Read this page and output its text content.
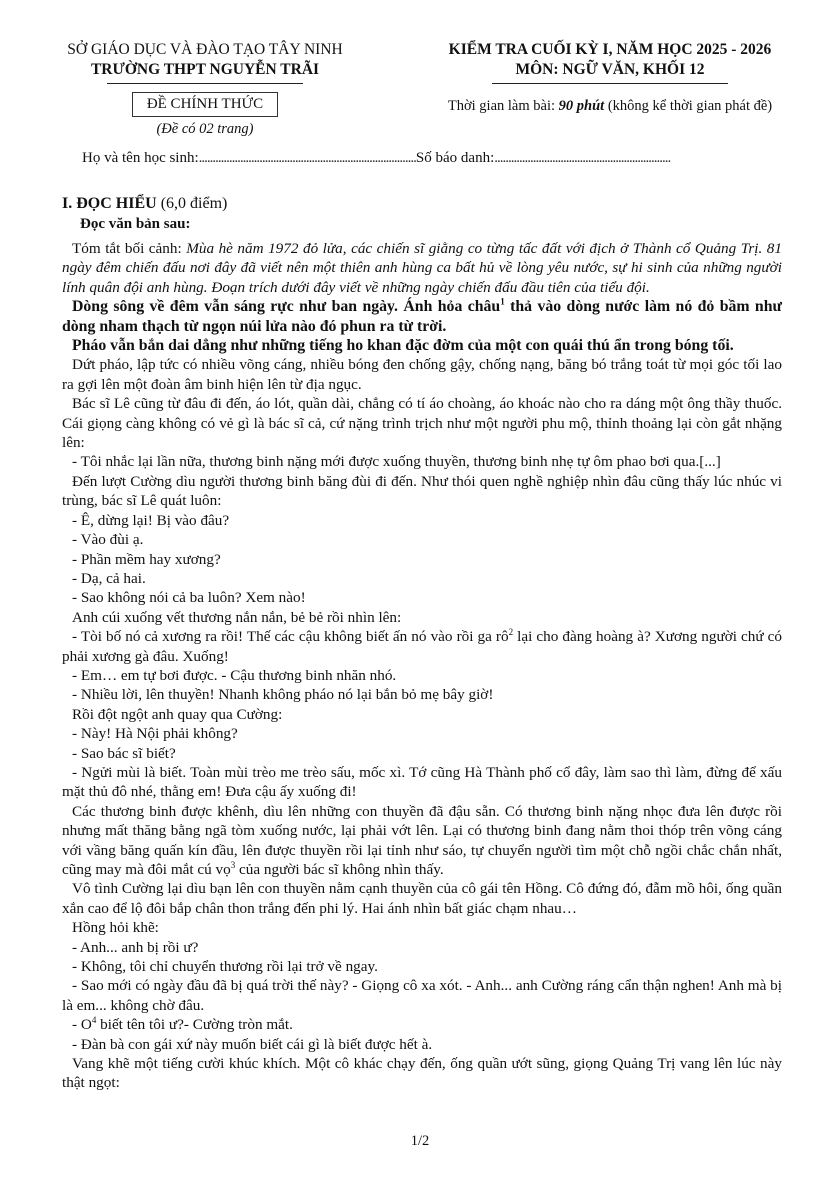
SỞ GIÁO DỤC VÀ ĐÀO TẠO TÂY NINH
TRƯỜNG THPT NGUYỄN TRÃI
ĐỀ CHÍNH THỨC
(Đề có 02 trang)
KIỂM TRA CUỐI KỲ I, NĂM HỌC 2025 - 2026
MÔN: NGỮ VĂN, KHỐI 12
Thời gian làm bài: 90 phút (không kể thời gian phát đề)
Họ và tên học sinh:...............................................................................Số báo danh:................................................................
I. ĐỌC HIỂU (6,0 điểm)
Đọc văn bản sau:

Tóm tắt bối cảnh: Mùa hè năm 1972 đỏ lửa, các chiến sĩ giằng co từng tấc đất với địch ở Thành cổ Quảng Trị. 81 ngày đêm chiến đấu nơi đây đã viết nên một thiên anh hùng ca bất hủ về lòng yêu nước, sự hi sinh của những người lính quân đội anh hùng. Đoạn trích dưới đây viết về những ngày chiến đấu đầu tiên của tiểu đội.

Dòng sông về đêm vẫn sáng rực như ban ngày. Ánh hỏa châu$^1$ thả vào dòng nước làm nó đỏ bầm như dòng nham thạch từ ngọn núi lửa nào đó phun ra từ trời.

Pháo vẫn bắn dai dẳng như những tiếng ho khan đặc đờm của một con quái thú ẩn trong bóng tối.

Dứt pháo, lập tức có nhiều võng cáng, nhiều bóng đen chống gậy, chống nạng, băng bó trắng toát từ mọi góc tối lao ra gợi lên một đoàn âm binh hiện lên từ địa ngục.

Bác sĩ Lê cũng từ đâu đi đến, áo lót, quần dài, chẳng có tí áo choàng, áo khoác nào cho ra dáng một ông thầy thuốc. Cái giọng càng không có vẻ gì là bác sĩ cả, cứ nặng trình trịch như một người phu mộ, thỉnh thoảng lại còn gắt nhặng lên:

- Tôi nhắc lại lần nữa, thương binh nặng mới được xuống thuyền, thương binh nhẹ tự ôm phao bơi qua.[...]

Đến lượt Cường dìu người thương binh băng đùi đi đến. Như thói quen nghề nghiệp nhìn đâu cũng thấy lúc nhúc vi trùng, bác sĩ Lê quát luôn:

- Ê, dừng lại! Bị vào đâu?

- Vào đùi ạ.

- Phần mềm hay xương?

- Dạ, cả hai.

- Sao không nói cả ba luôn? Xem nào!

Anh cúi xuống vết thương nắn nắn, bẻ bẻ rồi nhìn lên:

- Tòi bố nó cả xương ra rồi! Thế các cậu không biết ấn nó vào rồi ga $rô^2$ lại cho đàng hoàng à? Xương người chứ có phải xương gà đâu. Xuống!

- Em… em tự bơi được. - Cậu thương binh nhăn nhó.

- Nhiều lời, lên thuyền! Nhanh không pháo nó lại bắn bỏ mẹ bây giờ!

Rồi đột ngột anh quay qua Cường:

- Này! Hà Nội phải không?

- Sao bác sĩ biết?

- Ngửi mùi là biết. Toàn mùi trèo me trèo sấu, mốc xì. Tớ cũng Hà Thành phố cổ đây, làm sao thì làm, đừng để xấu mặt thủ đô nhé, thằng em! Đưa cậu ấy xuống đi!

Các thương binh được khênh, dìu lên những con thuyền đã đậu sẵn. Có thương binh nặng nhọc đưa lên được rồi nhưng mất thăng bằng ngã tòm xuống nước, lại phải vớt lên. Lại có thương binh đang nằm thoi thóp trên võng cáng với vầng băng quấn kín đầu, lên được thuyền rồi lại tỉnh như sáo, tự chuyển người tìm một chỗ ngồi chắc chắn nhất, cũng may mà đôi mắt cú vọ$^3$ của người bác sĩ không nhìn thấy.

Vô tình Cường lại dìu bạn lên con thuyền nằm cạnh thuyền của cô gái tên Hồng. Cô đứng đó, đẫm mồ hôi, ống quần xắn cao để lộ đôi bắp chân thon trắng đến phi lý. Hai ánh nhìn bất giác chạm nhau…

Hồng hỏi khẽ:

- Anh... anh bị rồi ư?

- Không, tôi chỉ chuyển thương rồi lại trở về ngay.

- Sao mới có ngày đầu đã bị quá trời thế này? - Giọng cô xa xót. - Anh... anh Cường ráng cẩn thận nghen! Anh mà bị là em... không chờ đâu.

- $O^4$ biết tên tôi ư?- Cường tròn mắt.

- Đàn bà con gái xứ này muốn biết cái gì là biết được hết à.

Vang khẽ một tiếng cười khúc khích. Một cô khác chạy đến, ống quần ướt sũng, giọng Quảng Trị vang lên lúc này thật ngọt:

1/2
